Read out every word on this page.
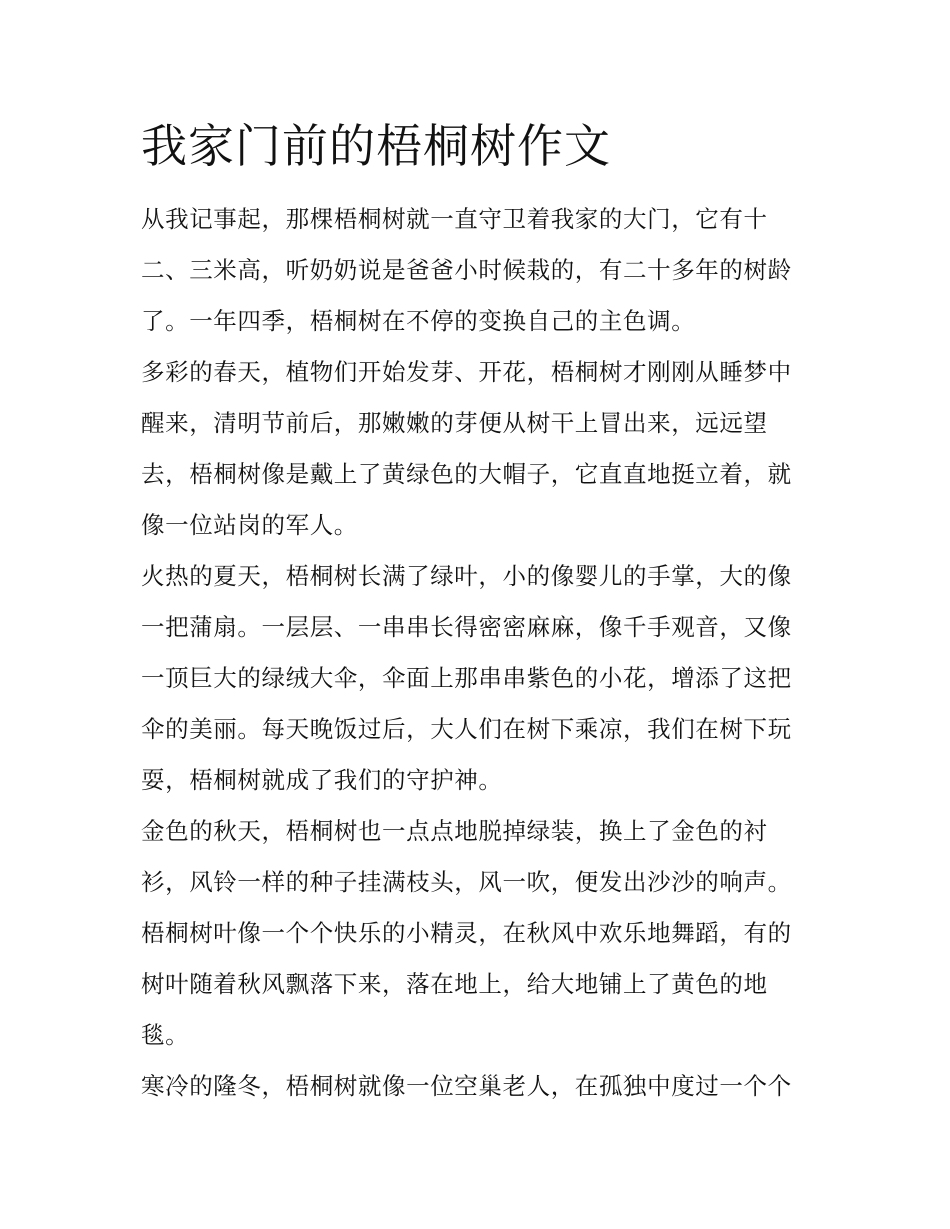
我家门前的梧桐树作文
从我记事起，那棵梧桐树就一直守卫着我家的大门，它有十
二、三米高，听奶奶说是爸爸小时候栽的，有二十多年的树龄
了。一年四季，梧桐树在不停的变换自己的主色调。
多彩的春天，植物们开始发芽、开花，梧桐树才刚刚从睡梦中
醒来，清明节前后，那嫩嫩的芽便从树干上冒出来，远远望
去，梧桐树像是戴上了黄绿色的大帽子，它直直地挺立着，就
像一位站岗的军人。
火热的夏天，梧桐树长满了绿叶，小的像婴儿的手掌，大的像
一把蒲扇。一层层、一串串长得密密麻麻，像千手观音，又像
一顶巨大的绿绒大伞，伞面上那串串紫色的小花，增添了这把
伞的美丽。每天晚饭过后，大人们在树下乘凉，我们在树下玩
耍，梧桐树就成了我们的守护神。
金色的秋天，梧桐树也一点点地脱掉绿装，换上了金色的衬
衫，风铃一样的种子挂满枝头，风一吹，便发出沙沙的响声。
梧桐树叶像一个个快乐的小精灵，在秋风中欢乐地舞蹈，有的
树叶随着秋风飘落下来，落在地上，给大地铺上了黄色的地
毯。
寒冷的隆冬，梧桐树就像一位空巢老人，在孤独中度过一个个
